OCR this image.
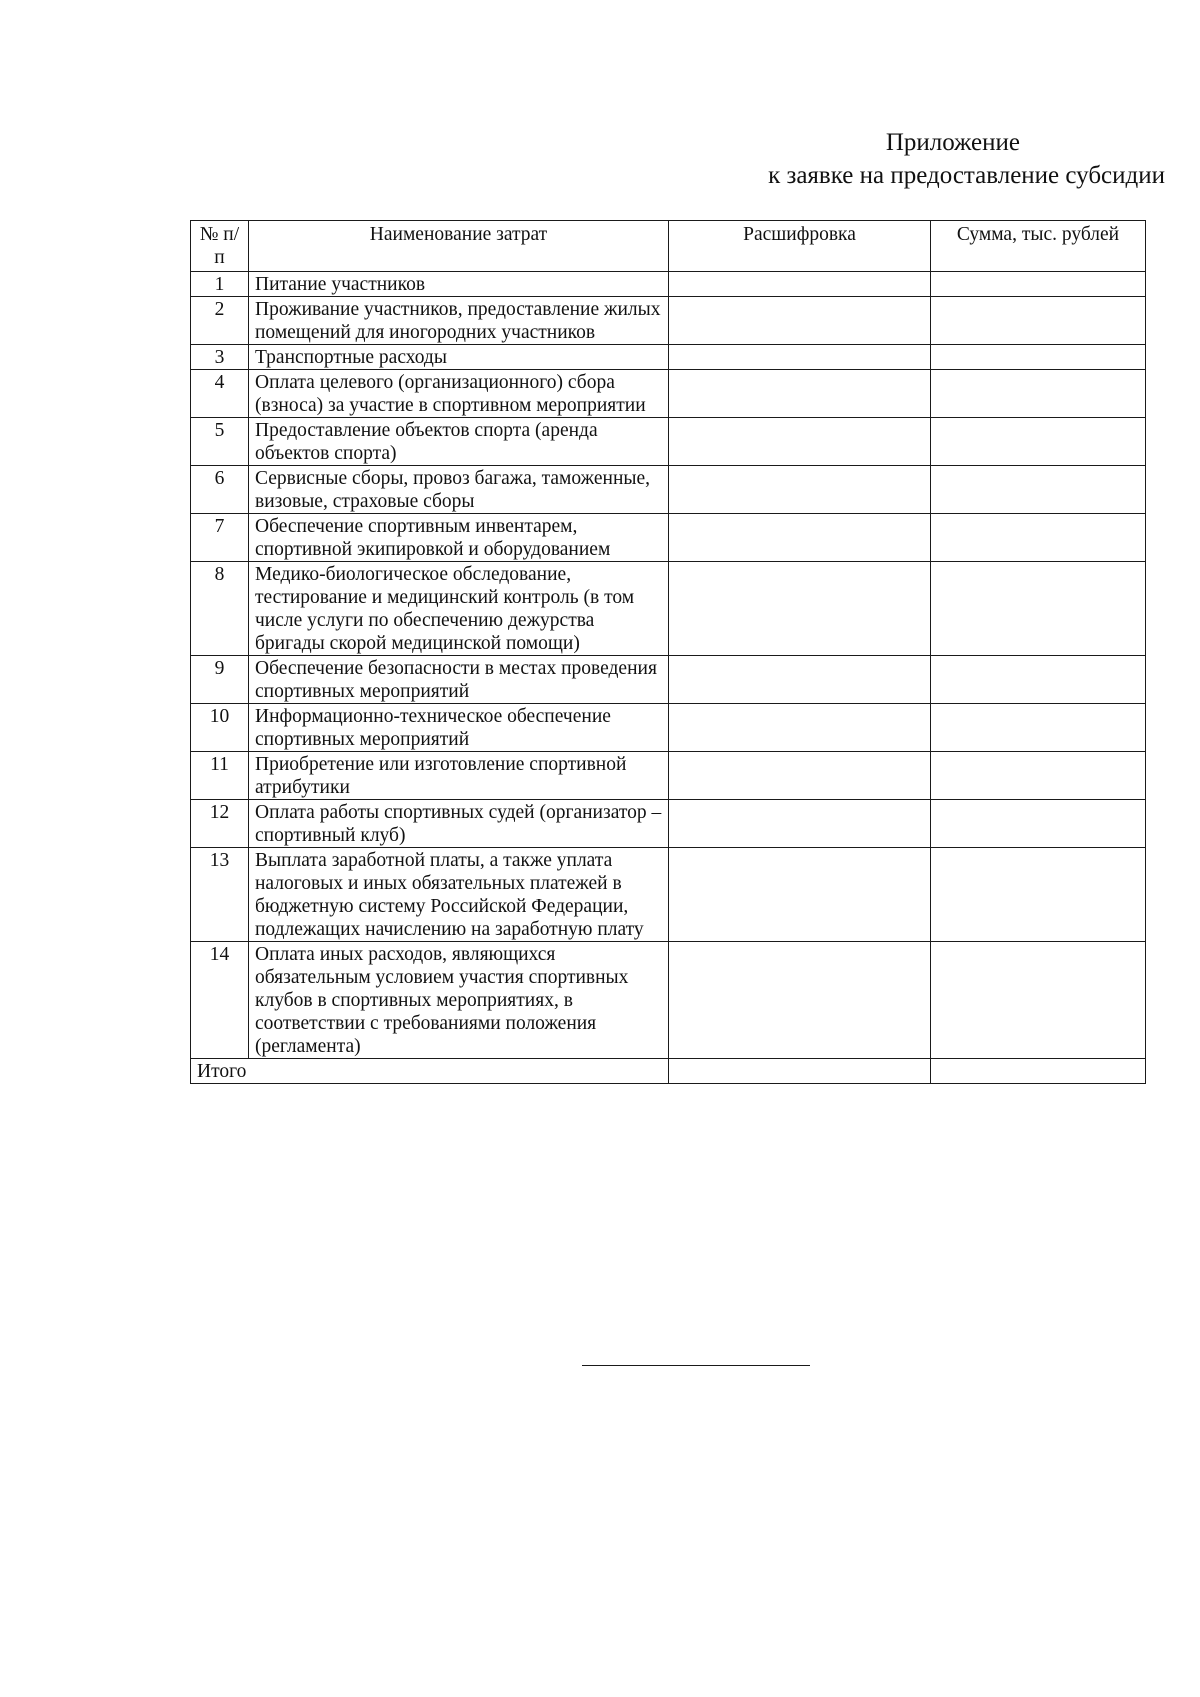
Приложение
к заявке на предоставление субсидии
№ п/п	Наименование затрат	Расшифровка	Сумма, тыс. рублей
1	Питание участников		
2	Проживание участников, предоставление жилых помещений для иногородних участников		
3	Транспортные расходы		
4	Оплата целевого (организационного) сбора (взноса) за участие в спортивном мероприятии		
5	Предоставление объектов спорта (аренда объектов спорта)		
6	Сервисные сборы, провоз багажа, таможенные, визовые, страховые сборы		
7	Обеспечение спортивным инвентарем, спортивной экипировкой и оборудованием		
8	Медико-биологическое обследование, тестирование и медицинский контроль (в том числе услуги по обеспечению дежурства бригады скорой медицинской помощи)		
9	Обеспечение безопасности в местах проведения спортивных мероприятий		
10	Информационно-техническое обеспечение спортивных мероприятий		
11	Приобретение или изготовление спортивной атрибутики		
12	Оплата работы спортивных судей (организатор – спортивный клуб)		
13	Выплата заработной платы, а также уплата налоговых и иных обязательных платежей в бюджетную систему Российской Федерации, подлежащих начислению на заработную плату		
14	Оплата иных расходов, являющихся обязательным условием участия спортивных клубов в спортивных мероприятиях, в соответствии с требованиями положения (регламента)		
Итого			
